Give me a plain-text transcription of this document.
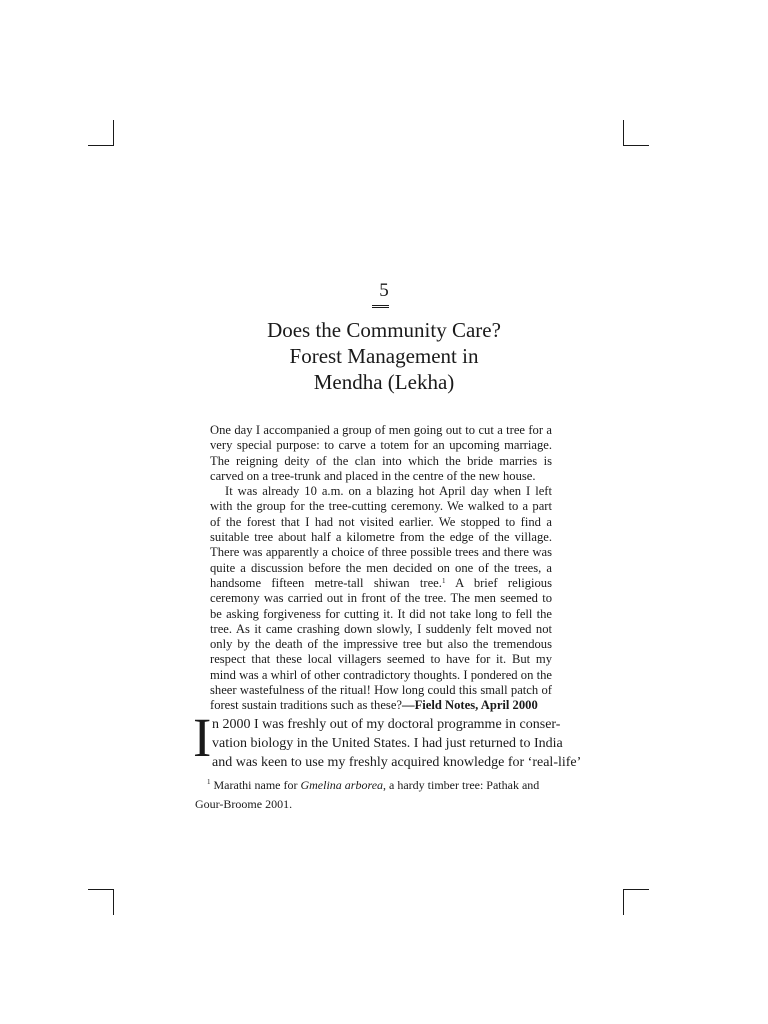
5
Does the Community Care?
Forest Management in
Mendha (Lekha)

One day I accompanied a group of men going out to cut a tree for a very special purpose: to carve a totem for an upcoming marriage. The reigning deity of the clan into which the bride marries is carved on a tree-trunk and placed in the centre of the new house.

It was already 10 a.m. on a blazing hot April day when I left with the group for the tree-cutting ceremony. We walked to a part of the forest that I had not visited earlier. We stopped to find a suitable tree about half a kilometre from the edge of the village. There was apparently a choice of three possible trees and there was quite a discussion before the men decided on one of the trees, a handsome fifteen metre-tall shiwan tree.$^1$ A brief religious ceremony was carried out in front of the tree. The men seemed to be asking forgiveness for cutting it. It did not take long to fell the tree. As it came crashing down slowly, I suddenly felt moved not only by the death of the impressive tree but also the tremendous respect that these local villagers seemed to have for it. But my mind was a whirl of other contradictory thoughts. I pondered on the sheer wastefulness of the ritual! How long could this small patch of forest sustain traditions such as these?—Field Notes, April 2000

I n 2000 I was freshly out of my doctoral programme in conser-
vation biology in the United States. I had just returned to India
and was keen to use my freshly acquired knowledge for ‘real-life’
$^1$ Marathi name for Gmelina arborea, a hardy timber tree: Pathak and Gour-Broome 2001.
